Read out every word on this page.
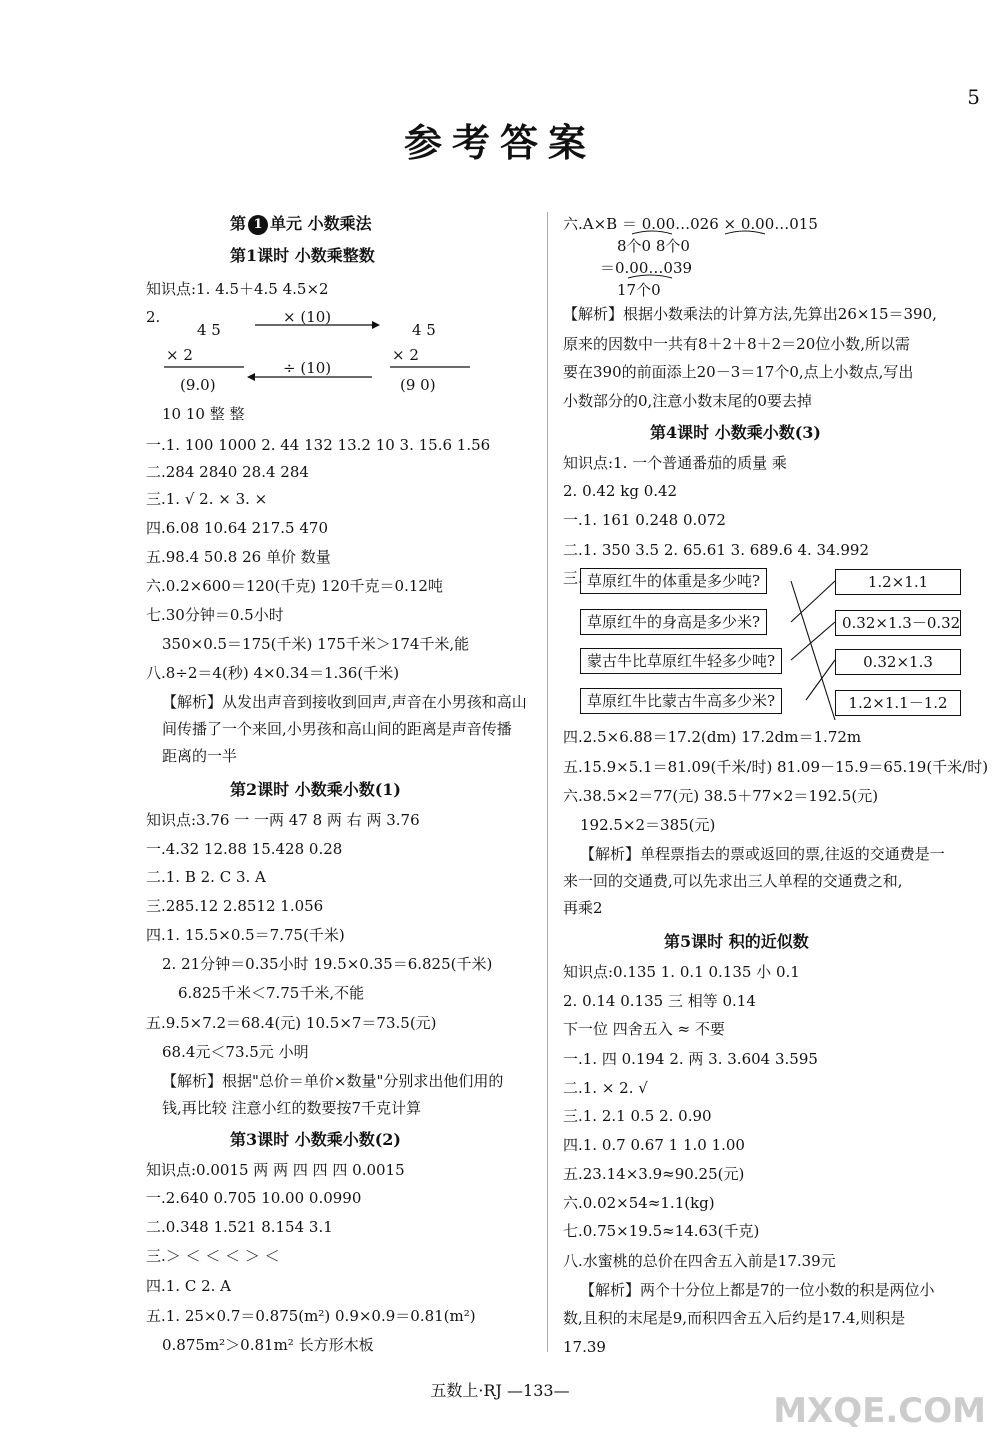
参考答案
5
第 1 单元 小数乘法
第1课时 小数乘整数
知识点:1. 4.5＋4.5 4.5×2
2.
4 5
× (10)
4 5
× 2	× 2
(9.0)
÷ (10)
(9 0)
10 10 整 整
一.1. 100 1000 2. 44 132 13.2 10 3. 15.6 1.56
二.284 2840 28.4 284
三.1. √ 2. × 3. ×
四.6.08 10.64 217.5 470
五.98.4 50.8 26 单价 数量
六.0.2×600＝120(千克) 120千克＝0.12吨
七.30分钟＝0.5小时
350×0.5＝175(千米) 175千米＞174千米,能
八.8÷2＝4(秒) 4×0.34＝1.36(千米)
【解析】从发出声音到接收到回声,声音在小男孩和高山
间传播了一个来回,小男孩和高山间的距离是声音传播
距离的一半
第2课时 小数乘小数(1)
知识点:3.76 一 一两 47 8 两 右 两 3.76
一.4.32 12.88 15.428 0.28
二.1. B 2. C 3. A
三.285.12 2.8512 1.056
四.1. 15.5×0.5＝7.75(千米)
2. 21分钟＝0.35小时 19.5×0.35＝6.825(千米)
6.825千米＜7.75千米,不能
五.9.5×7.2＝68.4(元) 10.5×7＝73.5(元)
68.4元＜73.5元 小明
【解析】根据"总价＝单价×数量"分别求出他们用的
钱,再比较 注意小红的数要按7千克计算
第3课时 小数乘小数(2)
知识点:0.0015 两 两 四 四 四 0.0015
一.2.640 0.705 10.00 0.0990
二.0.348 1.521 8.154 3.1
三.＞ ＜ ＜ ＜ ＞ ＜
四.1. C 2. A
五.1. 25×0.7＝0.875(m²) 0.9×0.9＝0.81(m²)
0.875m²＞0.81m² 长方形木板
六.A×B ＝ 0.00…026 × 0.00…015
8个0 8个0
＝0.00…039
17个0
【解析】根据小数乘法的计算方法,先算出26×15＝390,
原来的因数中一共有8＋2＋8＋2＝20位小数,所以需
要在390的前面添上20－3＝17个0,点上小数点,写出
小数部分的0,注意小数末尾的0要去掉
第4课时 小数乘小数(3)
知识点:1. 一个普通番茄的质量 乘
2. 0.42 kg 0.42
一.1. 161 0.248 0.072
二.1. 350 3.5 2. 65.61 3. 689.6 4. 34.992
三.
四.2.5×6.88＝17.2(dm) 17.2dm＝1.72m
五.15.9×5.1＝81.09(千米/时) 81.09－15.9＝65.19(千米/时)
六.38.5×2＝77(元) 38.5＋77×2＝192.5(元)
192.5×2＝385(元)
【解析】单程票指去的票或返回的票,往返的交通费是一
来一回的交通费,可以先求出三人单程的交通费之和,
再乘2
第5课时 积的近似数
知识点:0.135 1. 0.1 0.135 小 0.1
2. 0.14 0.135 三 相等 0.14
下一位 四舍五入 ≈ 不要
一.1. 四 0.194 2. 两 3. 3.604 3.595
二.1. × 2. √
三.1. 2.1 0.5 2. 0.90
四.1. 0.7 0.67 1 1.0 1.00
五.23.14×3.9≈90.25(元)
六.0.02×54≈1.1(kg)
七.0.75×19.5≈14.63(千克)
八.水蜜桃的总价在四舍五入前是17.39元
【解析】两个十分位上都是7的一位小数的积是两位小
数,且积的末尾是9,而积四舍五入后约是17.4,则积是
17.39
草原红牛的体重是多少吨?
草原红牛的身高是多少米?
蒙古牛比草原红牛轻多少吨?
草原红牛比蒙古牛高多少米?
1.2×1.1
0.32×1.3－0.32
0.32×1.3
1.2×1.1－1.2
五数上·RJ —133—
MXQE.COM
